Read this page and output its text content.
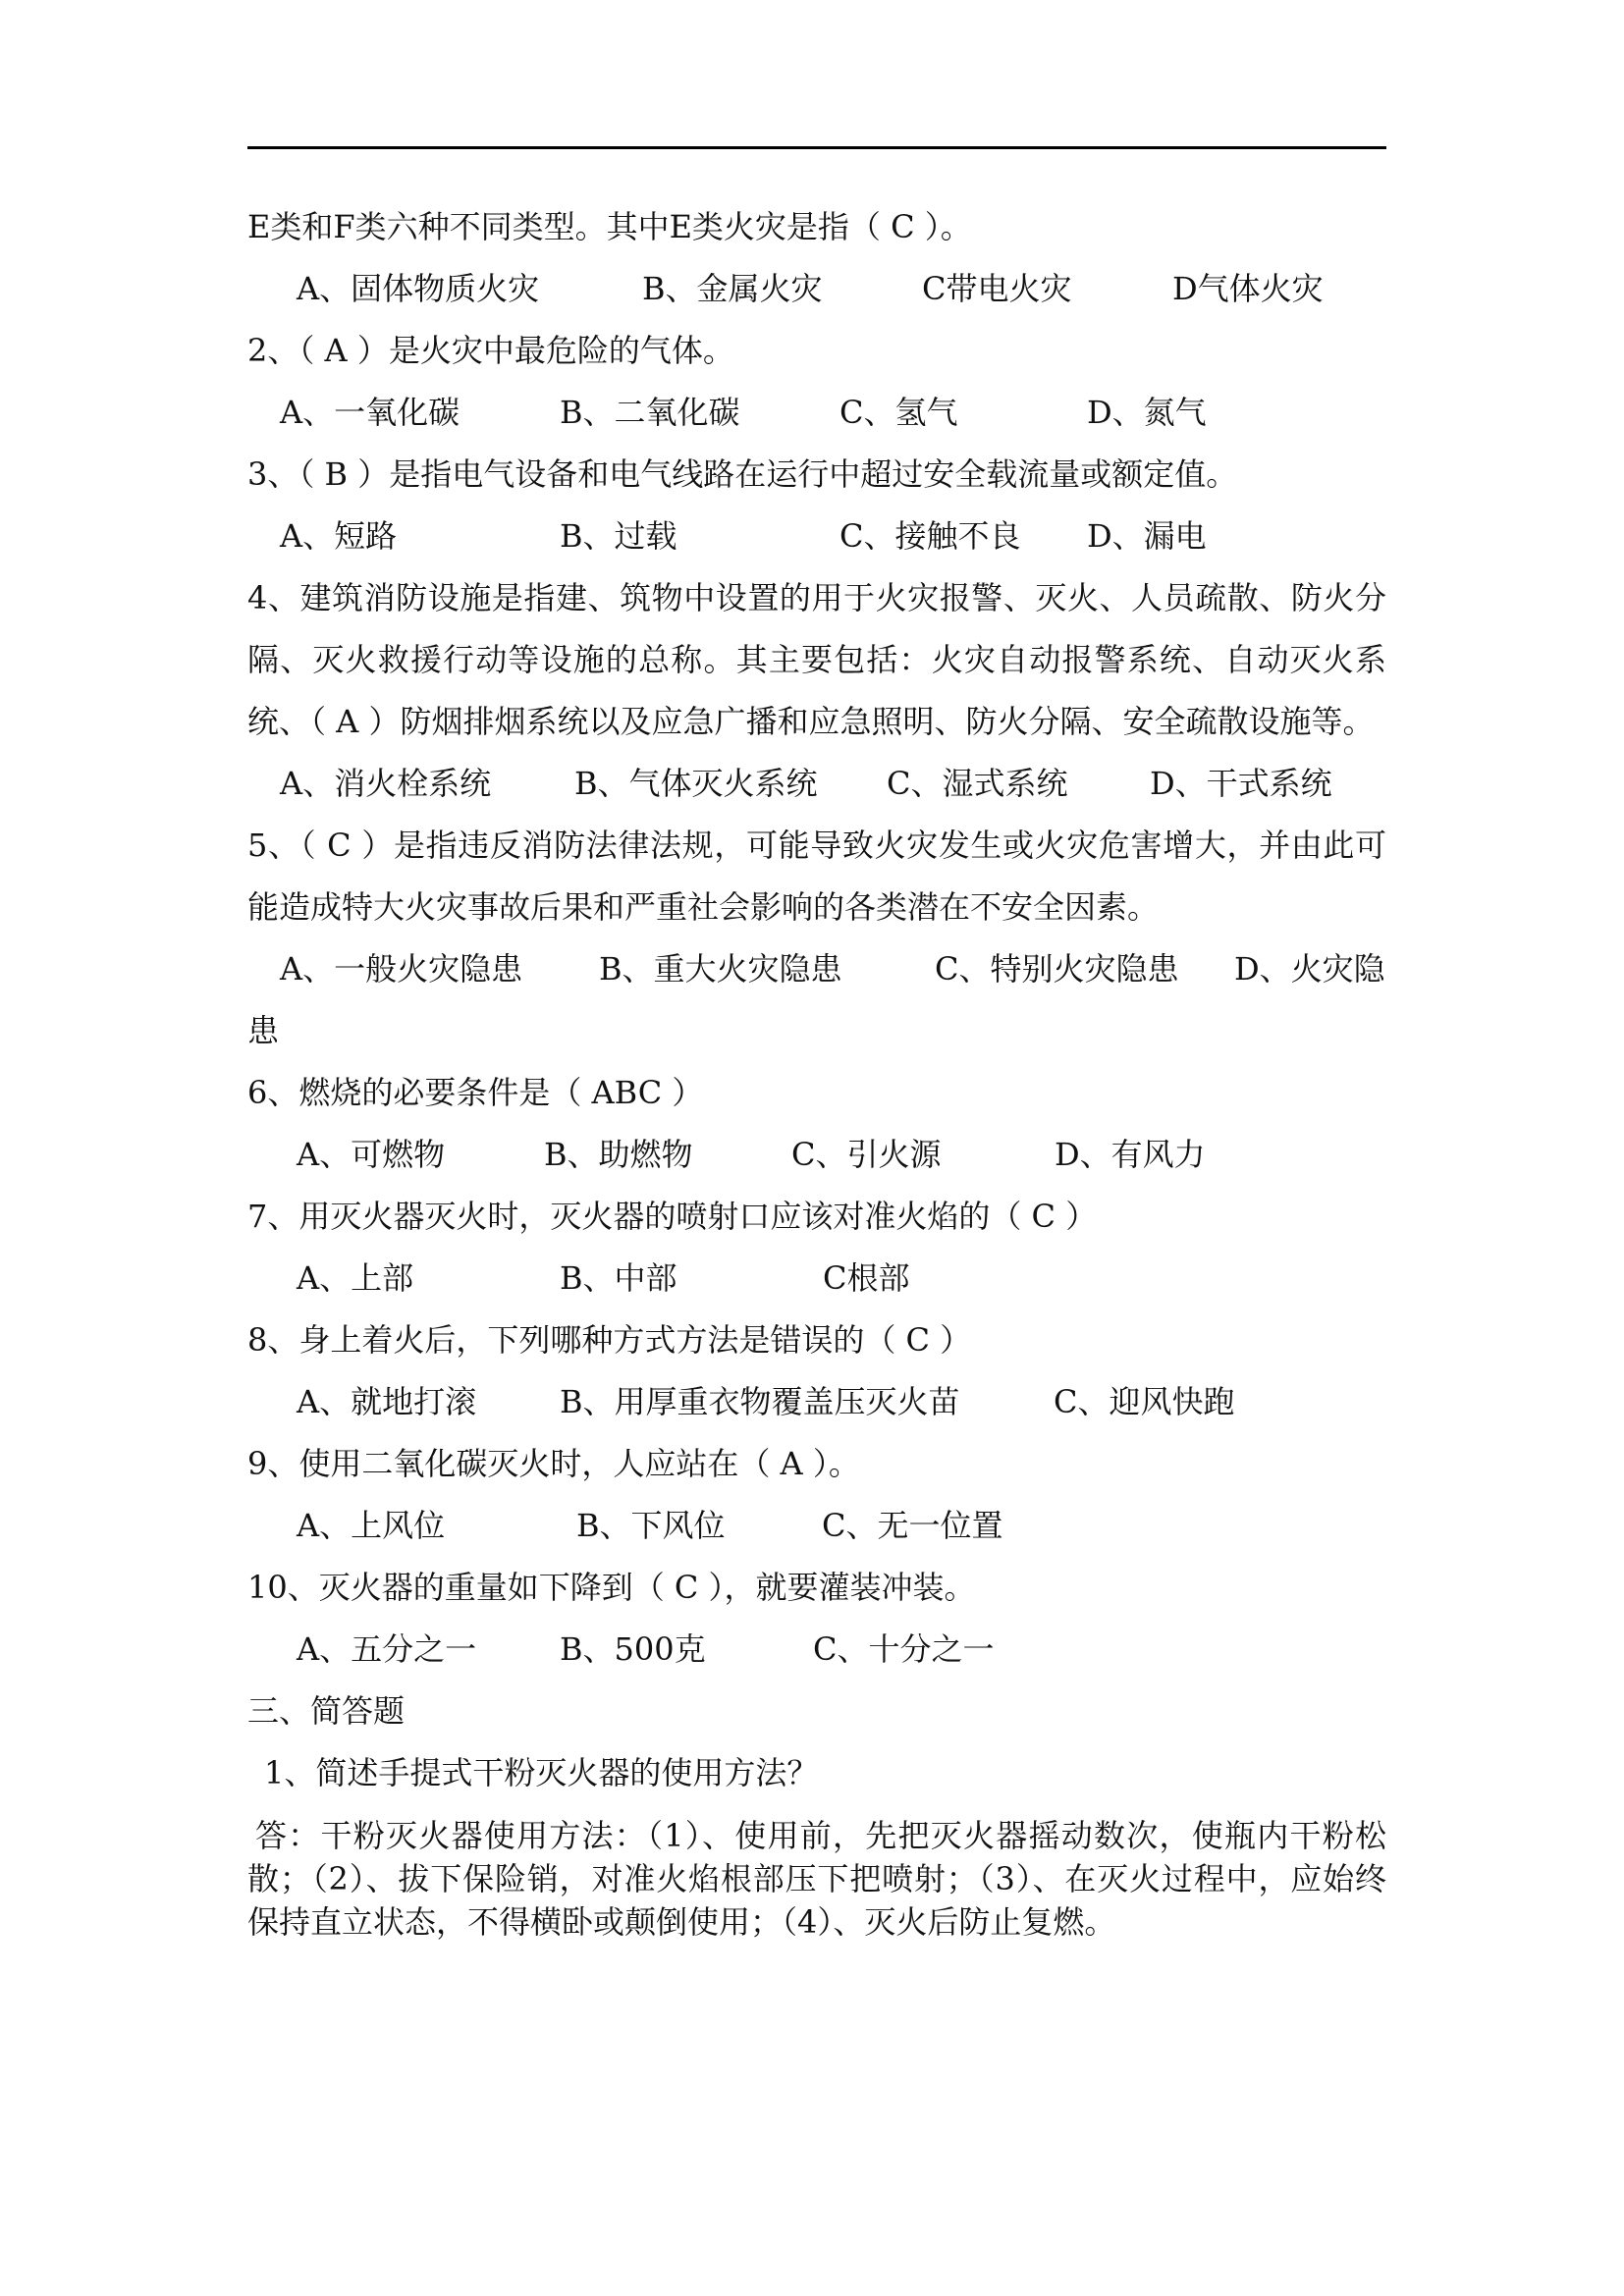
E类和F类六种不同类型。其中E类火灾是指（ C ）。
A、固体物质火灾	B、金属火灾	C带电火灾	D气体火灾
2、（ A ）是火灾中最危险的气体。
A、一氧化碳	B、二氧化碳	C、氢气	D、氮气
3、（ B ）是指电气设备和电气线路在运行中超过安全载流量或额定值。
A、短路	B、过载	C、接触不良	D、漏电
4、建筑消防设施是指建、筑物中设置的用于火灾报警、灭火、人员疏散、防火分隔、灭火救援行动等设施的总称。其主要包括：火灾自动报警系统、自动灭火系统、（ A ）防烟排烟系统以及应急广播和应急照明、防火分隔、安全疏散设施等。
A、消火栓系统	B、气体灭火系统	C、湿式系统	D、干式系统
5、（ C ）是指违反消防法律法规，可能导致火灾发生或火灾危害增大，并由此可能造成特大火灾事故后果和严重社会影响的各类潜在不安全因素。
A、一般火灾隐患	B、重大火灾隐患	C、特别火灾隐患	D、火灾隐
患
6、燃烧的必要条件是（ ABC ）
A、可燃物	B、助燃物	C、引火源	D、有风力
7、用灭火器灭火时，灭火器的喷射口应该对准火焰的（ C ）
A、上部	B、中部	C根部
8、身上着火后，下列哪种方式方法是错误的（ C ）
A、就地打滚	B、用厚重衣物覆盖压灭火苗	C、迎风快跑
9、使用二氧化碳灭火时，人应站在（ A ）。
A、上风位	B、下风位	C、无一位置
10、灭火器的重量如下降到（ C ），就要灌装冲装。
A、五分之一	B、500克	C、十分之一
三、简答题
1、简述手提式干粉灭火器的使用方法？
答：干粉灭火器使用方法：（1）、使用前，先把灭火器摇动数次，使瓶内干粉松散；（2）、拔下保险销，对准火焰根部压下把喷射；（3）、在灭火过程中，应始终保持直立状态，不得横卧或颠倒使用；（4）、灭火后防止复燃。
